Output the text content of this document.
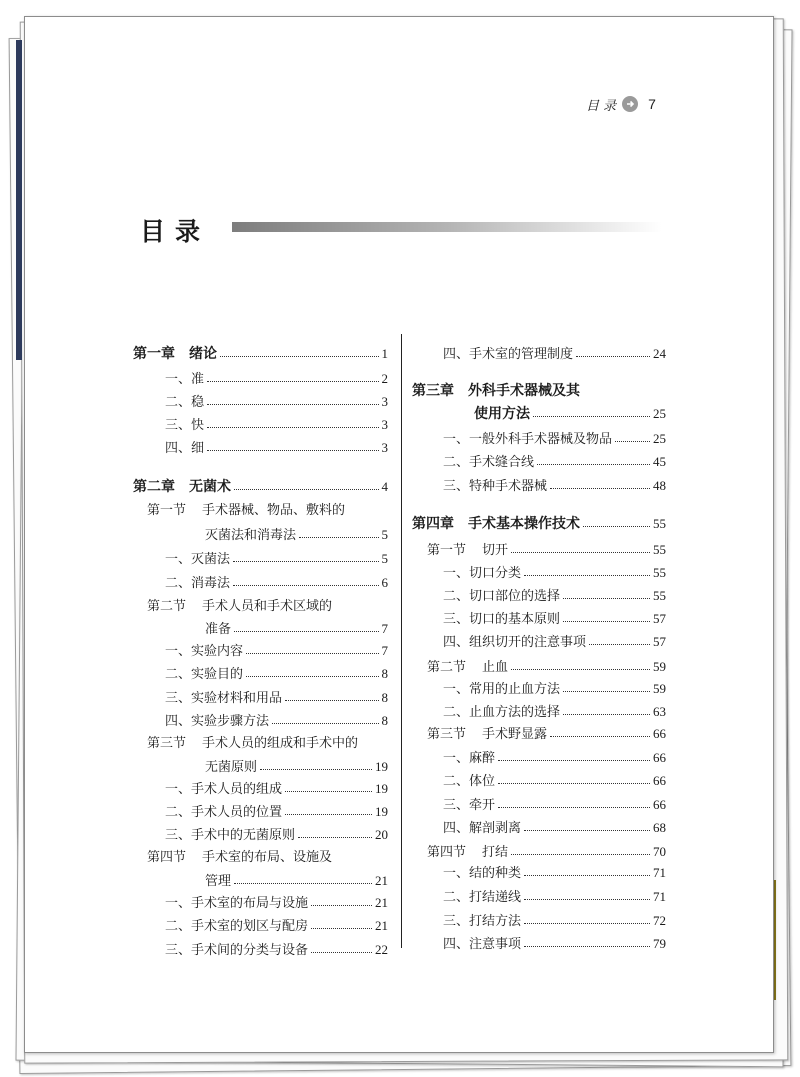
目 录 7
目录
第一章 绪论	1
一、准	2
二、稳	3
三、快	3
四、细	3
第二章 无菌术	4
第一节 手术器械、物品、敷料的
灭菌法和消毒法	5
一、灭菌法	5
二、消毒法	6
第二节 手术人员和手术区域的
准备	7
一、实验内容	7
二、实验目的	8
三、实验材料和用品	8
四、实验步骤方法	8
第三节 手术人员的组成和手术中的
无菌原则	19
一、手术人员的组成	19
二、手术人员的位置	19
三、手术中的无菌原则	20
第四节 手术室的布局、设施及
管理	21
一、手术室的布局与设施	21
二、手术室的划区与配房	21
三、手术间的分类与设备	22
四、手术室的管理制度	24
第三章 外科手术器械及其
使用方法	25
一、一般外科手术器械及物品	25
二、手术缝合线	45
三、特种手术器械	48
第四章 手术基本操作技术	55
第一节 切开	55
一、切口分类	55
二、切口部位的选择	55
三、切口的基本原则	57
四、组织切开的注意事项	57
第二节 止血	59
一、常用的止血方法	59
二、止血方法的选择	63
第三节 手术野显露	66
一、麻醉	66
二、体位	66
三、牵开	66
四、解剖剥离	68
第四节 打结	70
一、结的种类	71
二、打结递线	71
三、打结方法	72
四、注意事项	79
